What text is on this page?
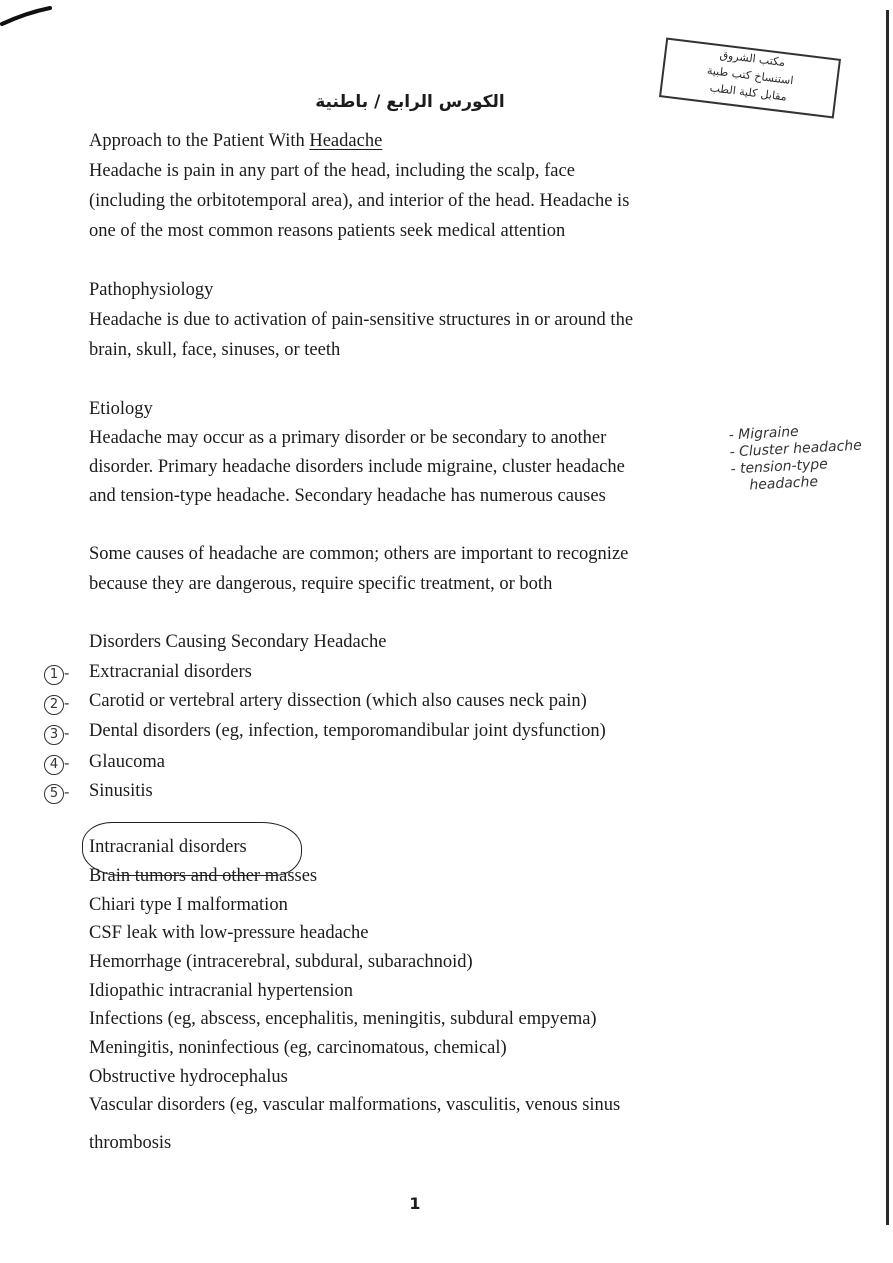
مكتب الشروق
استنساخ كتب طبية
مقابل كلية الطب
الكورس الرابع / باطنية
Approach to the Patient With Headache
Headache is pain in any part of the head, including the scalp, face
(including the orbitotemporal area), and interior of the head. Headache is
one of the most common reasons patients seek medical attention
Pathophysiology
Headache is due to activation of pain-sensitive structures in or around the
brain, skull, face, sinuses, or teeth
Etiology
Headache may occur as a primary disorder or be secondary to another
disorder. Primary headache disorders include migraine, cluster headache
and tension-type headache. Secondary headache has numerous causes
- Migraine
- Cluster headache
- tension-type
headache
Some causes of headache are common; others are important to recognize
because they are dangerous, require specific treatment, or both
Disorders Causing Secondary Headache
1 - Extracranial disorders
2 - Carotid or vertebral artery dissection (which also causes neck pain)
3 - Dental disorders (eg, infection, temporomandibular joint dysfunction)
4 - Glaucoma
5 - Sinusitis
Intracranial disorders
Brain tumors and other masses
Chiari type I malformation
CSF leak with low-pressure headache
Hemorrhage (intracerebral, subdural, subarachnoid)
Idiopathic intracranial hypertension
Infections (eg, abscess, encephalitis, meningitis, subdural empyema)
Meningitis, noninfectious (eg, carcinomatous, chemical)
Obstructive hydrocephalus
Vascular disorders (eg, vascular malformations, vasculitis, venous sinus
thrombosis
1
